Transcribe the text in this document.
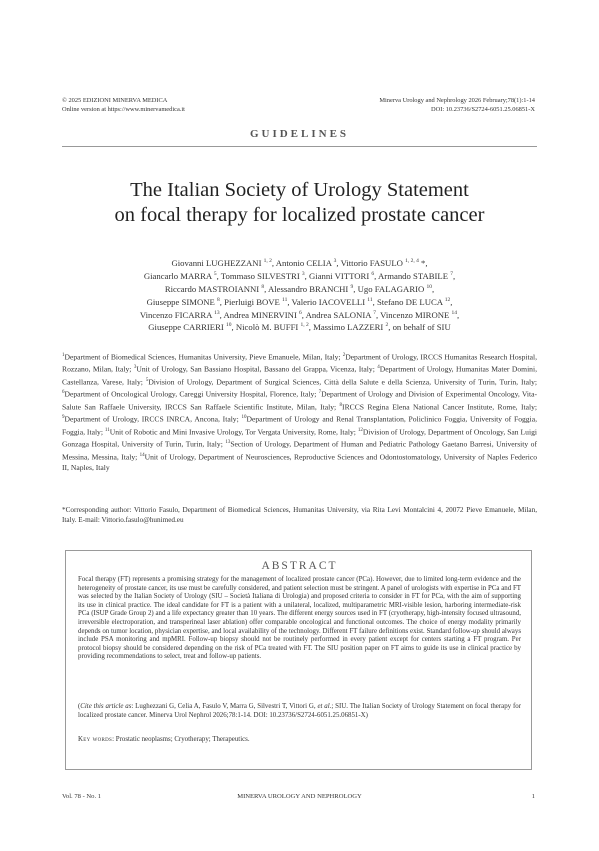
© 2025 EDIZIONI MINERVA MEDICA
Online version at https://www.minervamedica.it
Minerva Urology and Nephrology 2026 February;78(1):1-14
DOI: 10.23736/S2724-6051.25.06851-X
GUIDELINES
The Italian Society of Urology Statement
on focal therapy for localized prostate cancer
Giovanni LUGHEZZANI $^{1, 2}$, Antonio CELIA $^3$, Vittorio FASULO $^{1, 2, 4}$ *,
Giancarlo MARRA $^5$, Tommaso SILVESTRI $^3$, Gianni VITTORI $^6$, Armando STABILE $^7$,
Riccardo MASTROIANNI $^8$, Alessandro BRANCHI $^9$, Ugo FALAGARIO $^{10}$,
Giuseppe SIMONE $^8$, Pierluigi BOVE $^{11}$, Valerio IACOVELLI $^{11}$, Stefano DE LUCA $^{12}$,
Vincenzo FICARRA $^{13}$, Andrea MINERVINI $^6$, Andrea SALONIA $^7$, Vincenzo MIRONE $^{14}$,
Giuseppe CARRIERI $^{10}$, Nicolò M. BUFFI $^{1, 2}$, Massimo LAZZERI $^2$, on behalf of SIU
$^1$Department of Biomedical Sciences, Humanitas University, Pieve Emanuele, Milan, Italy; $^2$Department of Urology, IRCCS Humanitas Research Hospital, Rozzano, Milan, Italy; $^3$Unit of Urology, San Bassiano Hospital, Bassano del Grappa, Vicenza, Italy; $^4$Department of Urology, Humanitas Mater Domini, Castellanza, Varese, Italy; $^5$Division of Urology, Department of Surgical Sciences, Città della Salute e della Scienza, University of Turin, Turin, Italy; $^6$Department of Oncological Urology, Careggi University Hospital, Florence, Italy; $^7$Department of Urology and Division of Experimental Oncology, Vita-Salute San Raffaele University, IRCCS San Raffaele Scientific Institute, Milan, Italy; $^8$IRCCS Regina Elena National Cancer Institute, Rome, Italy; $^9$Department of Urology, IRCCS INRCA, Ancona, Italy; $^{10}$Department of Urology and Renal Transplantation, Policlinico Foggia, University of Foggia, Foggia, Italy; $^{11}$Unit of Robotic and Mini Invasive Urology, Tor Vergata University, Rome, Italy; $^{12}$Division of Urology, Department of Oncology, San Luigi Gonzaga Hospital, University of Turin, Turin, Italy; $^{13}$Section of Urology, Department of Human and Pediatric Pathology Gaetano Barresi, University of Messina, Messina, Italy; $^{14}$Unit of Urology, Department of Neurosciences, Reproductive Sciences and Odontostomatology, University of Naples Federico II, Naples, Italy
*Corresponding author: Vittorio Fasulo, Department of Biomedical Sciences, Humanitas University, via Rita Levi Montalcini 4, 20072 Pieve Emanuele, Milan, Italy. E-mail: Vittorio.fasulo@hunimed.eu
ABSTRACT
Focal therapy (FT) represents a promising strategy for the management of localized prostate cancer (PCa). However, due to limited long-term evidence and the heterogeneity of prostate cancer, its use must be carefully considered, and patient selection must be stringent. A panel of urologists with expertise in PCa and FT was selected by the Italian Society of Urology (SIU – Società Italiana di Urologia) and proposed criteria to consider in FT for PCa, with the aim of supporting its use in clinical practice. The ideal candidate for FT is a patient with a unilateral, localized, multiparametric MRI-visible lesion, harboring intermediate-risk PCa (ISUP Grade Group 2) and a life expectancy greater than 10 years. The different energy sources used in FT (cryotherapy, high-intensity focused ultrasound, irreversible electroporation, and transperineal laser ablation) offer comparable oncological and functional outcomes. The choice of energy modality primarily depends on tumor location, physician expertise, and local availability of the technology. Different FT failure definitions exist. Standard follow-up should always include PSA monitoring and mpMRI. Follow-up biopsy should not be routinely performed in every patient except for centers starting a FT program. Per protocol biopsy should be considered depending on the risk of PCa treated with FT. The SIU position paper on FT aims to guide its use in clinical practice by providing recommendations to select, treat and follow-up patients.
(Cite this article as: Lughezzani G, Celia A, Fasulo V, Marra G, Silvestri T, Vittori G, et al.; SIU. The Italian Society of Urology Statement on focal therapy for localized prostate cancer. Minerva Urol Nephrol 2026;78:1-14. DOI: 10.23736/S2724-6051.25.06851-X)
Key words: Prostatic neoplasms; Cryotherapy; Therapeutics.
Vol. 78 - No. 1	MINERVA UROLOGY AND NEPHROLOGY	1
